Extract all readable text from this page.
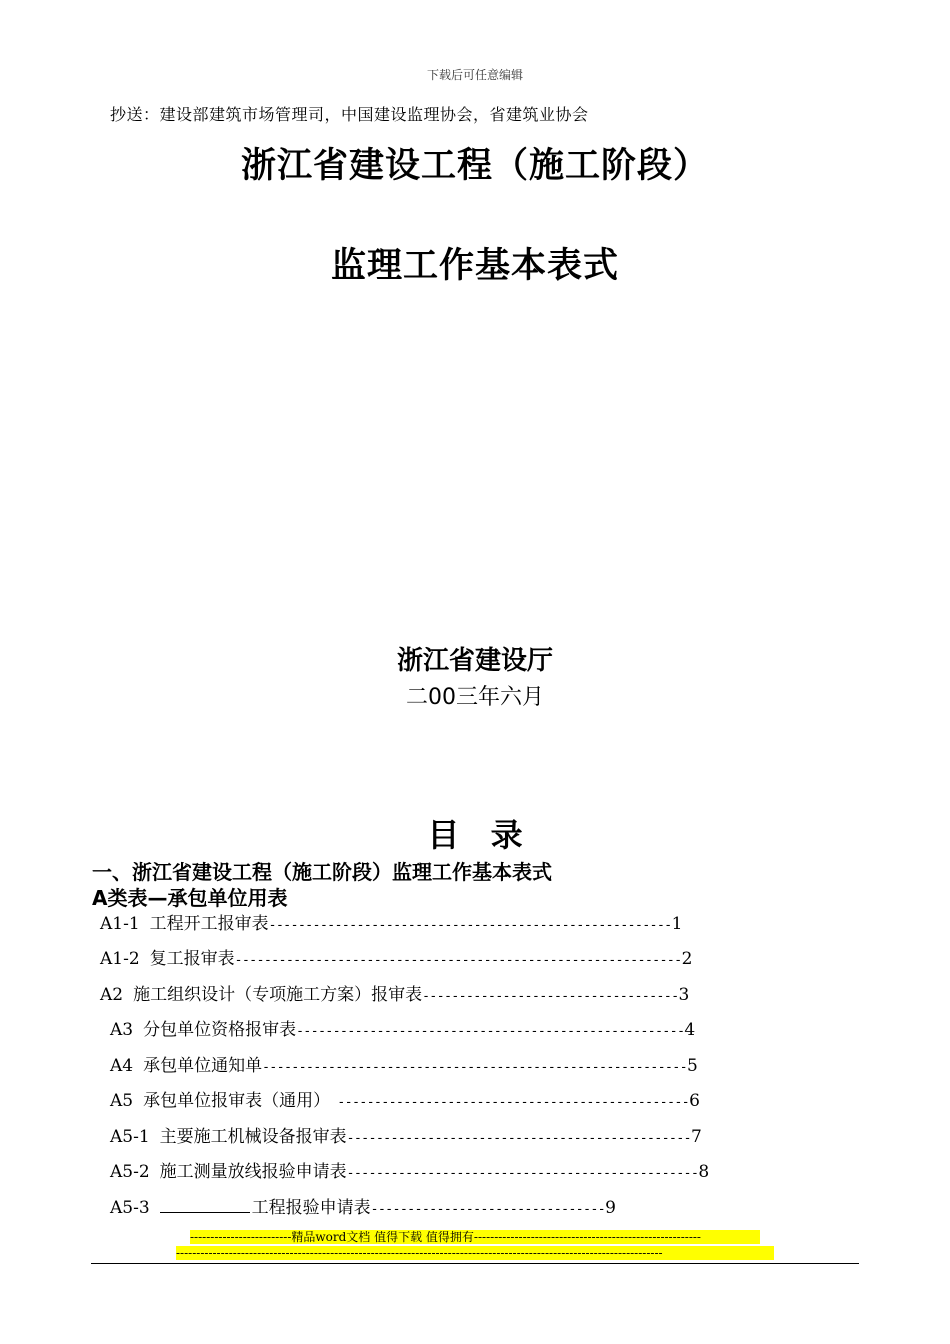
下载后可任意编辑
抄送：建设部建筑市场管理司，中国建设监理协会，省建筑业协会
浙江省建设工程（施工阶段）
监理工作基本表式
浙江省建设厅
二00三年六月
目 录
一、浙江省建设工程（施工阶段）监理工作基本表式
A类表—承包单位用表
A1-1 工程开工报审表 ------------------------------------------------------- 1
A1-2 复工报审表 ------------------------------------------------------------- 2
A2 施工组织设计（专项施工方案）报审表 ----------------------------------- 3
A3 分包单位资格报审表 ----------------------------------------------------- 4
A4 承包单位通知单 ---------------------------------------------------------- 5
A5 承包单位报审表（通用） ------------------------------------------------ 6
A5-1 主要施工机械设备报审表 ----------------------------------------------- 7
A5-2 施工测量放线报验申请表 ------------------------------------------------ 8
A5-3	工程报验申请表 -------------------------------- 9
-------------------------精品word文档 值得下载 值得拥有--------------------------------------------------------
------------------------------------------------------------------------------------------------------------------------
